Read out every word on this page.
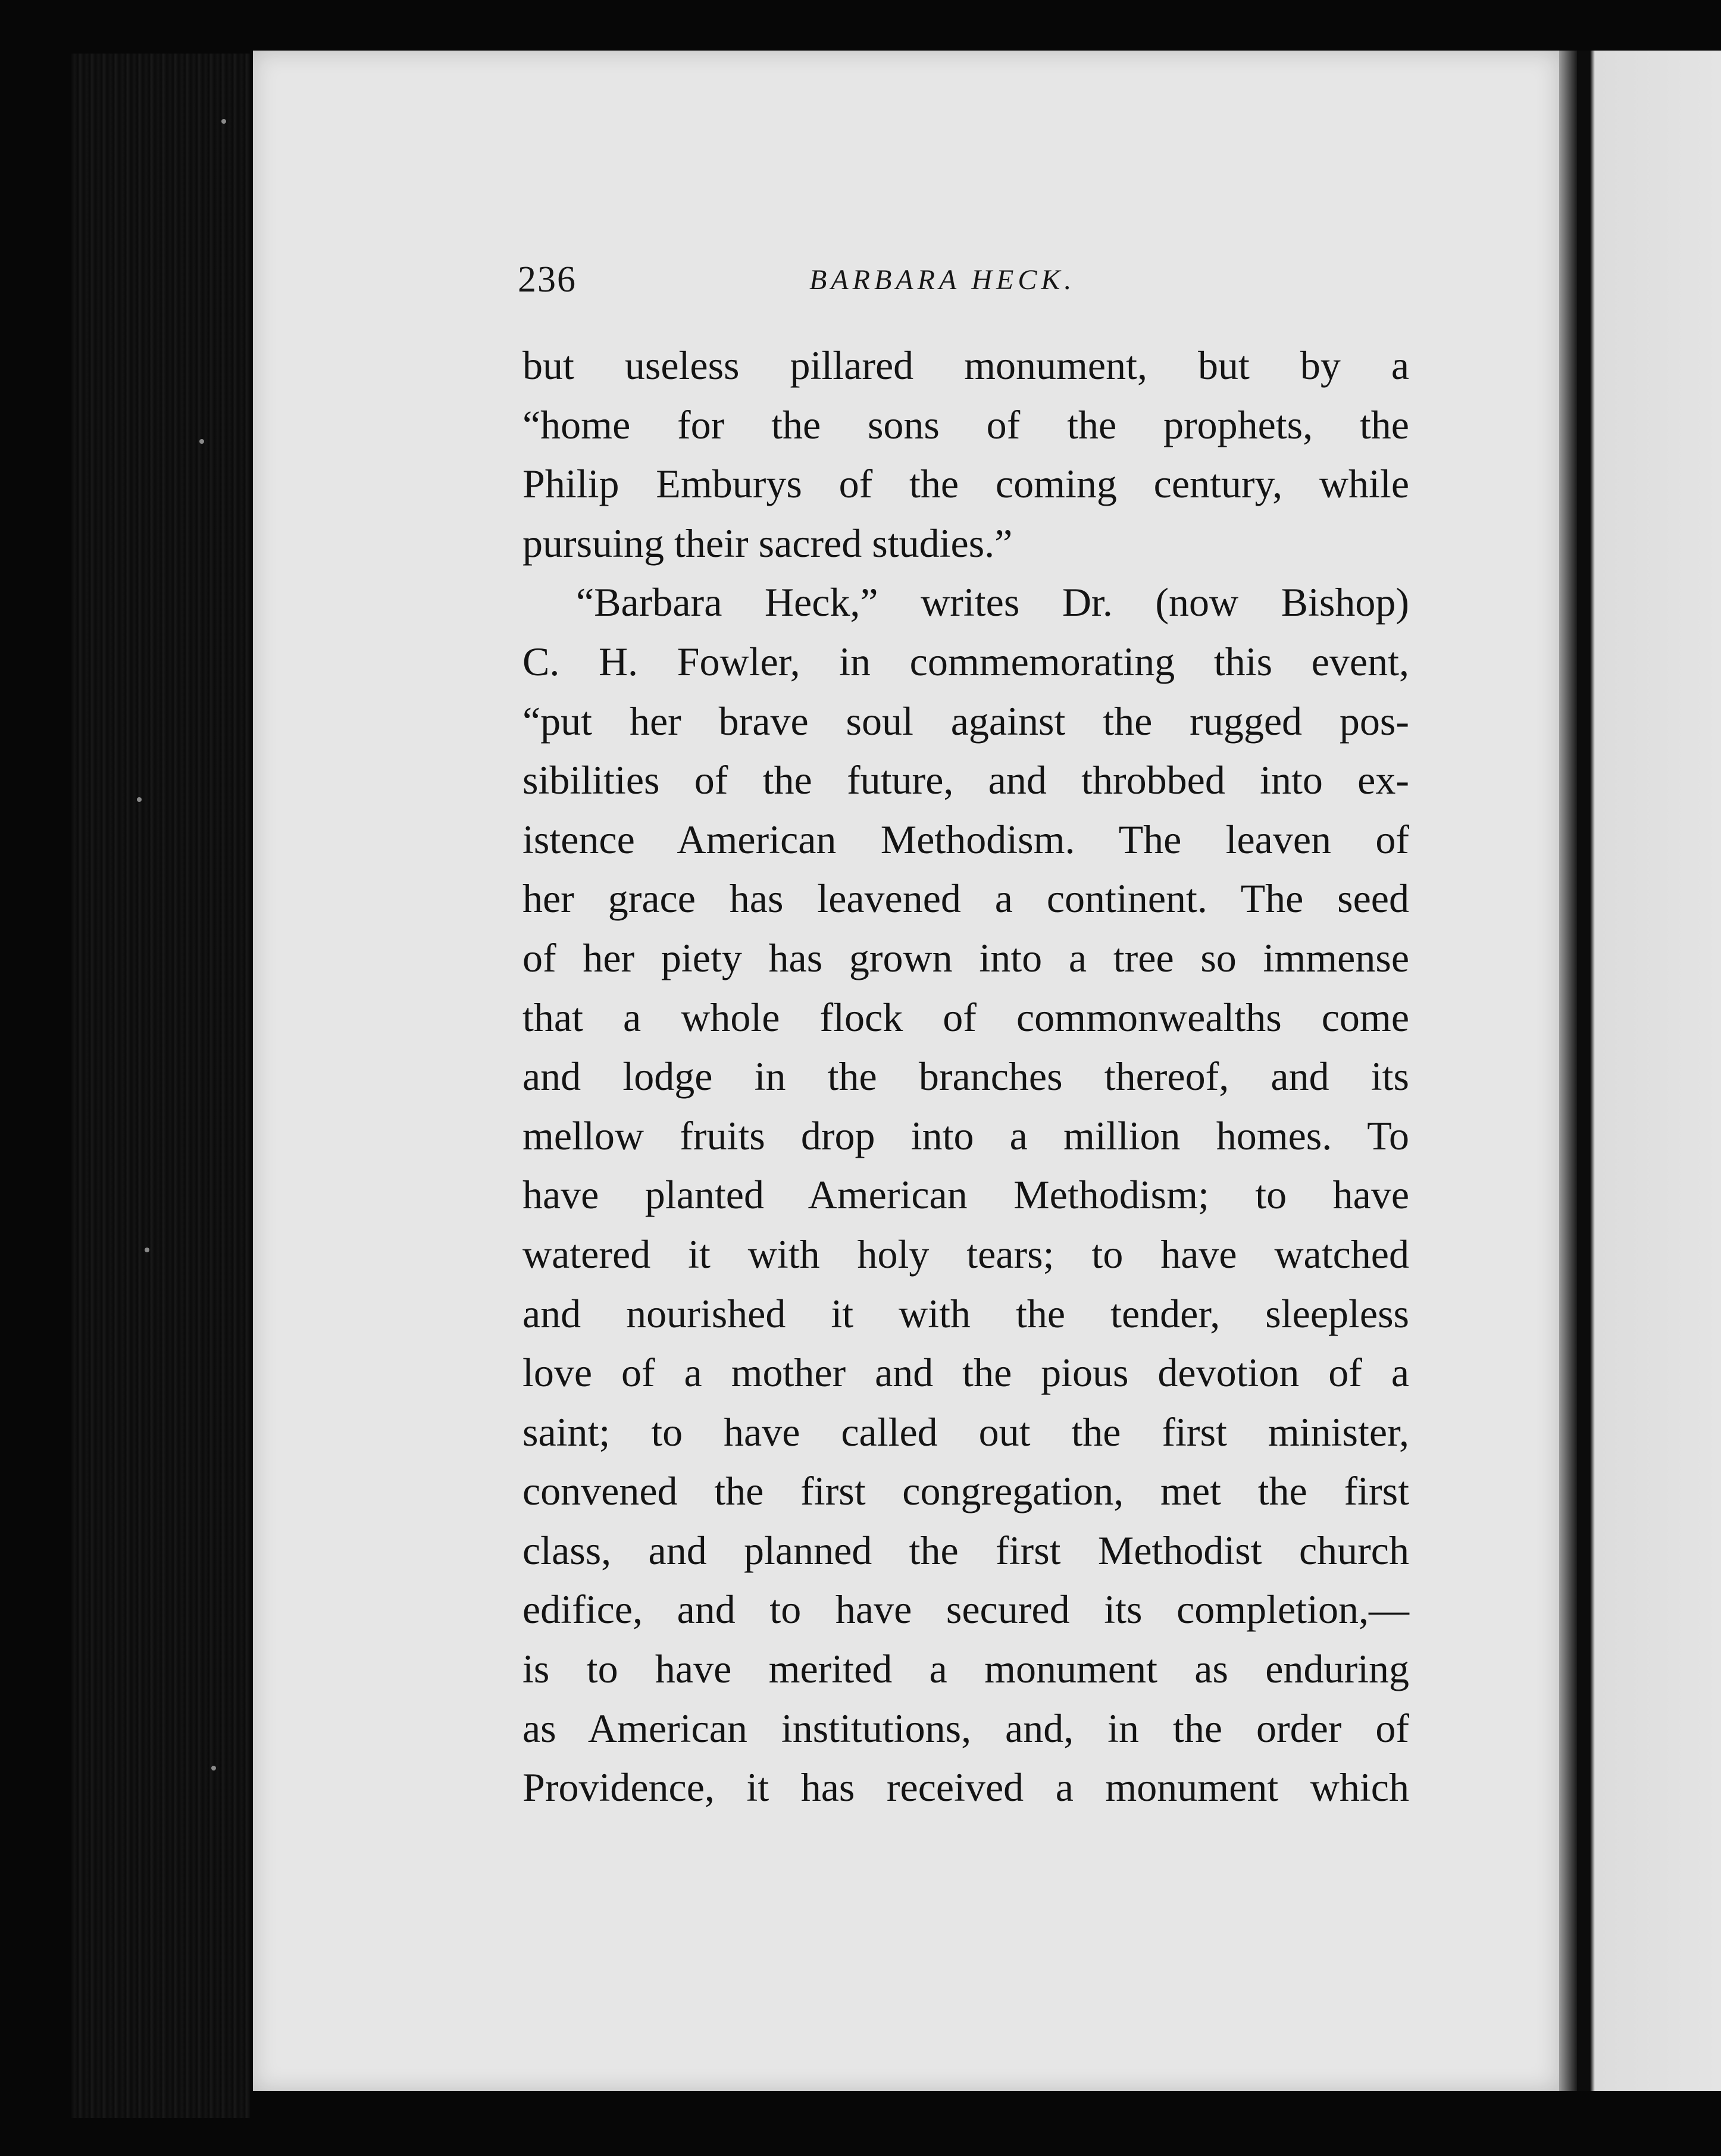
236	BARBARA HECK.
but useless pillared monument, but by a
“home for the sons of the prophets, the
Philip Emburys of the coming century, while
pursuing their sacred studies.”
“Barbara Heck,” writes Dr. (now Bishop)
C. H. Fowler, in commemorating this event,
“put her brave soul against the rugged pos-
sibilities of the future, and throbbed into ex-
istence American Methodism. The leaven of
her grace has leavened a continent. The seed
of her piety has grown into a tree so immense
that a whole flock of commonwealths come
and lodge in the branches thereof, and its
mellow fruits drop into a million homes. To
have planted American Methodism; to have
watered it with holy tears; to have watched
and nourished it with the tender, sleepless
love of a mother and the pious devotion of a
saint; to have called out the first minister,
convened the first congregation, met the first
class, and planned the first Methodist church
edifice, and to have secured its completion,—
is to have merited a monument as enduring
as American institutions, and, in the order of
Providence, it has received a monument which
